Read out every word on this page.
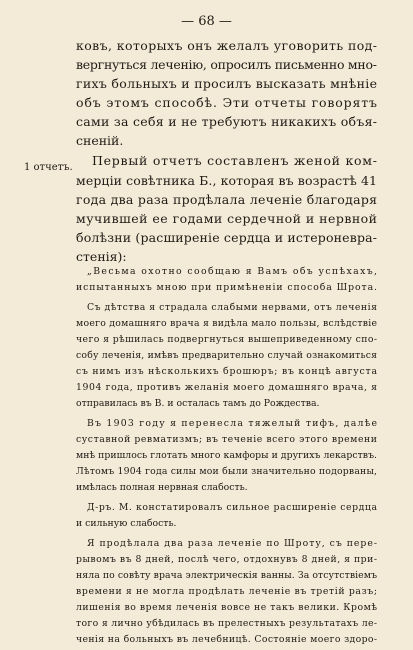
— 68 —
1 отчетъ.
ковъ, которыхъ онъ желалъ уговорить под-
вергнуться леченію, опросилъ письменно мно-
гихъ больныхъ и просилъ высказать мнѣніе
объ этомъ способѣ. Эти отчеты говорятъ
сами за себя и не требуютъ никакихъ объя-
сненій.
Первый отчетъ составленъ женой ком-
мерціи совѣтника Б., которая въ возрастѣ 41
года два раза продѣлала леченіе благодаря
мучившей ее годами сердечной и нервной
болѣзни (расширеніе сердца и истероневра-
стенія):
„Весьма охотно сообщаю я Вамъ объ успѣхахъ,
испытанныхъ мною при примѣненіи способа Шрота.
Съ дѣтства я страдала слабыми нервами, отъ леченія
моего домашняго врача я видѣла мало пользы, вслѣдствіе
чего я рѣшилась подвергнуться вышеприведенному спо-
собу леченія, имѣвъ предварительно случай ознакомиться
съ нимъ изъ нѣсколькихъ брошюръ; въ концѣ августа
1904 года, противъ желанія моего домашняго врача, я
отправилась въ В. и осталась тамъ до Рождества.
Въ 1903 году я перенесла тяжелый тифъ, далѣе
суставной ревматизмъ; въ теченіе всего этого времени
мнѣ пришлось глотать много камфоры и другихъ лекарствъ.
Лѣтомъ 1904 года силы мои были значительно подорваны,
имѣлась полная нервная слабость.
Д-ръ. М. констатировалъ сильное расширеніе сердца
и сильную слабость.
Я продѣлала два раза леченіе по Шроту, съ пере-
рывомъ въ 8 дней, послѣ чего, отдохнувъ 8 дней, я при-
няла по совѣту врача электрическія ванны. За отсутствіемъ
времени я не могла продѣлать леченіе въ третій разъ;
лишенія во время леченія вовсе не такъ велики. Кромѣ
того я лично убѣдилась въ прелестныхъ результатахъ ле-
ченія на больныхъ въ лечебницѣ. Состояніе моего здоро-
